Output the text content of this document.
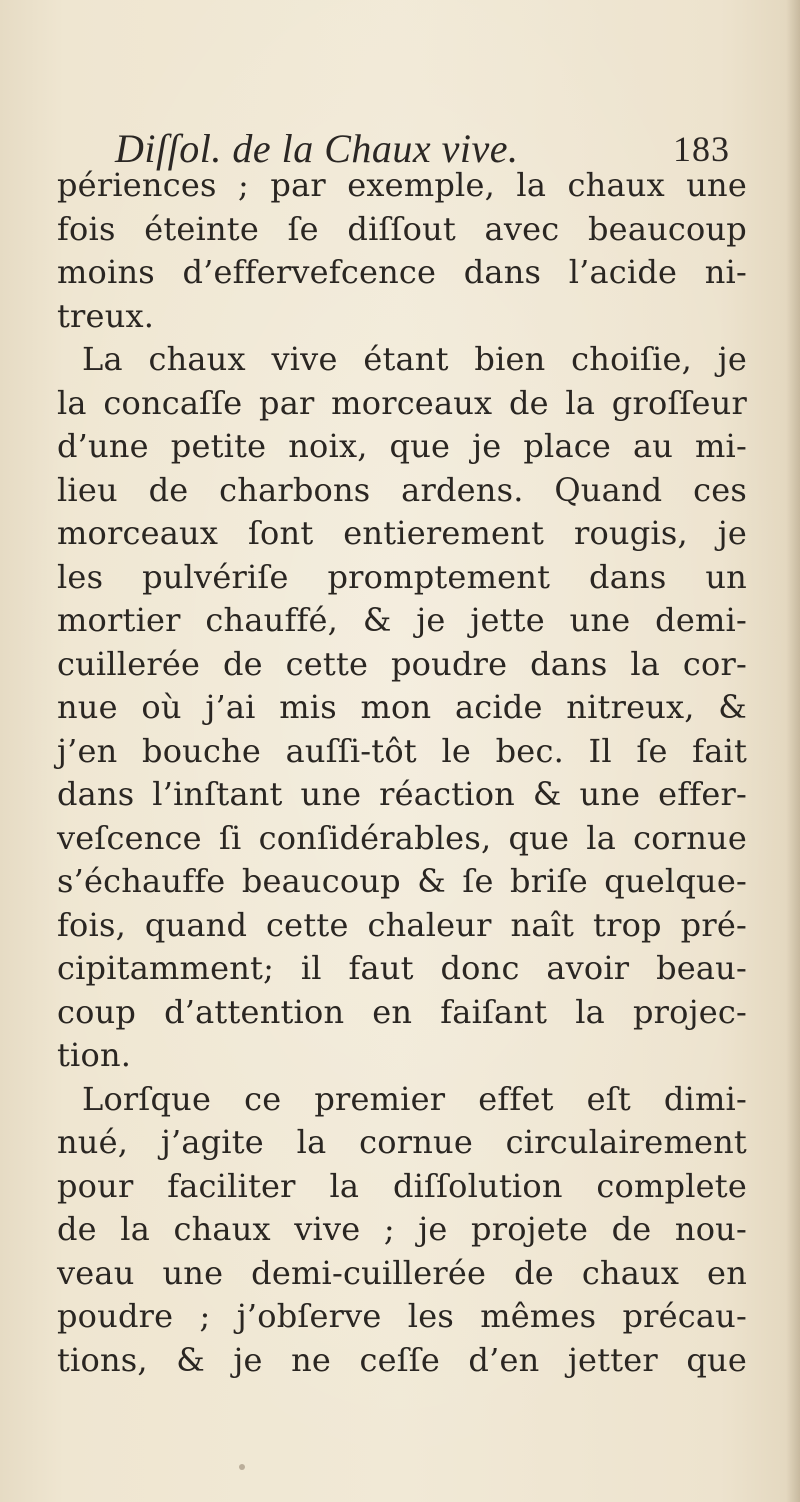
Diſſol. de la Chaux vive.	183
périences ; par exemple, la chaux une
fois éteinte ſe diſſout avec beaucoup
moins d’effervefcence dans l’acide ni-
treux.
La chaux vive étant bien choiſie, je
la concaſſe par morceaux de la groſſeur
d’une petite noix, que je place au mi-
lieu de charbons ardens. Quand ces
morceaux ſont entierement rougis, je
les pulvériſe promptement dans un
mortier chauffé, & je jette une demi-
cuillerée de cette poudre dans la cor-
nue où j’ai mis mon acide nitreux, &
j’en bouche auſſi-tôt le bec. Il ſe fait
dans l’inſtant une réaction & une effer-
veſcence ſi conſidérables, que la cornue
s’échauffe beaucoup & ſe briſe quelque-
fois, quand cette chaleur naît trop pré-
cipitamment; il faut donc avoir beau-
coup d’attention en faiſant la projec-
tion.
Lorſque ce premier effet eſt dimi-
nué, j’agite la cornue circulairement
pour faciliter la diſſolution complete
de la chaux vive ; je projete de nou-
veau une demi-cuillerée de chaux en
poudre ; j’obſerve les mêmes précau-
tions, & je ne ceſſe d’en jetter que
